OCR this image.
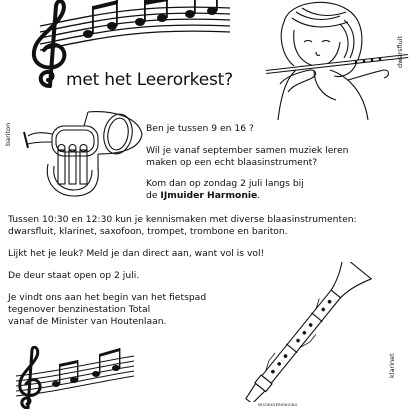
met het Leerorkest?
dwarsfluit
bariton	Ben je tussen 9 en 16 ?
Wil je vanaf september samen muziek leren
maken op een echt blaasinstrument?
Kom dan op zondag 2 juli langs bij
de IJmuider Harmonie.
Tussen 10:30 en 12:30 kun je kennismaken met diverse blaasinstrumenten:
dwarsfluit, klarinet, saxofoon, trompet, trombone en bariton.
Lijkt het je leuk? Meld je dan direct aan, want vol is vol!
De deur staat open op 2 juli.
Je vindt ons aan het begin van het fietspad
tegenover benzinestation Total
vanaf de Minister van Houtenlaan.
klarinet
MUZIEKVERENIGING
